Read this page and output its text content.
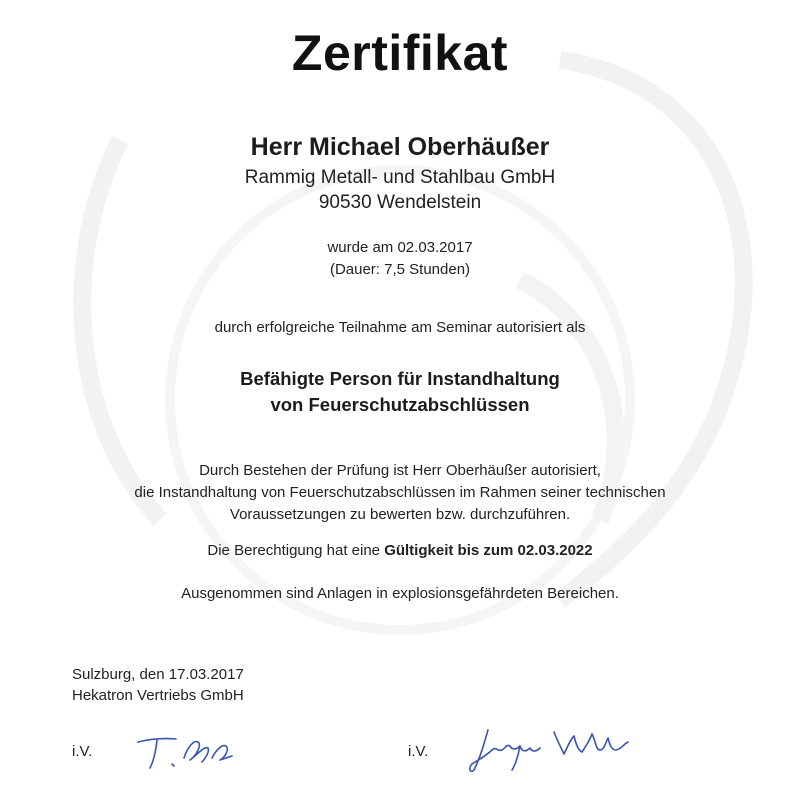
Zertifikat
Herr Michael Oberhäußer
Rammig Metall- und Stahlbau GmbH
90530 Wendelstein
wurde am 02.03.2017
(Dauer: 7,5 Stunden)
durch erfolgreiche Teilnahme am Seminar autorisiert als
Befähigte Person für Instandhaltung
von Feuerschutzabschlüssen
Durch Bestehen der Prüfung ist Herr Oberhäußer autorisiert,
die Instandhaltung von Feuerschutzabschlüssen im Rahmen seiner technischen
Voraussetzungen zu bewerten bzw. durchzuführen.
Die Berechtigung hat eine Gültigkeit bis zum 02.03.2022
Ausgenommen sind Anlagen in explosionsgefährdeten Bereichen.
Sulzburg, den 17.03.2017
Hekatron Vertriebs GmbH
i.V.	i.V.
